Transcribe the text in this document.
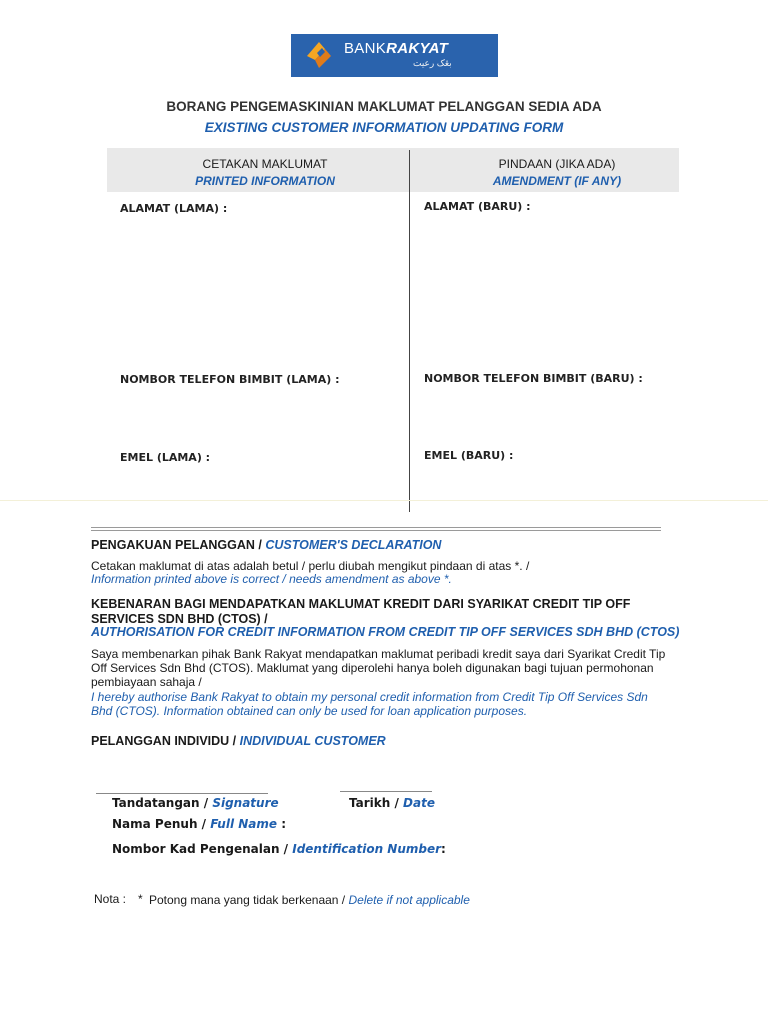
BANKRAKYAT
بڠک رعيت
BORANG PENGEMASKINIAN MAKLUMAT PELANGGAN SEDIA ADA
EXISTING CUSTOMER INFORMATION UPDATING FORM
CETAKAN MAKLUMAT
PRINTED INFORMATION
PINDAAN (JIKA ADA)
AMENDMENT (IF ANY)
ALAMAT (LAMA) :	ALAMAT (BARU) :
NOMBOR TELEFON BIMBIT (LAMA) :	NOMBOR TELEFON BIMBIT (BARU) :
EMEL (LAMA) :	EMEL (BARU) :
PENGAKUAN PELANGGAN / CUSTOMER'S DECLARATION
Cetakan maklumat di atas adalah betul / perlu diubah mengikut pindaan di atas *. /
Information printed above is correct / needs amendment as above *.
KEBENARAN BAGI MENDAPATKAN MAKLUMAT KREDIT DARI SYARIKAT CREDIT TIP OFF SERVICES SDN BHD (CTOS) /
AUTHORISATION FOR CREDIT INFORMATION FROM CREDIT TIP OFF SERVICES SDH BHD (CTOS)
Saya membenarkan pihak Bank Rakyat mendapatkan maklumat peribadi kredit saya dari Syarikat Credit Tip Off Services Sdn Bhd (CTOS). Maklumat yang diperolehi hanya boleh digunakan bagi tujuan permohonan pembiayaan sahaja /
I hereby authorise Bank Rakyat to obtain my personal credit information from Credit Tip Off Services Sdn Bhd (CTOS). Information obtained can only be used for loan application purposes.
PELANGGAN INDIVIDU / INDIVIDUAL CUSTOMER
Tandatangan / Signature	Tarikh / Date
Nama Penuh / Full Name :
Nombor Kad Pengenalan / Identification Number:
Nota : * Potong mana yang tidak berkenaan / Delete if not applicable
